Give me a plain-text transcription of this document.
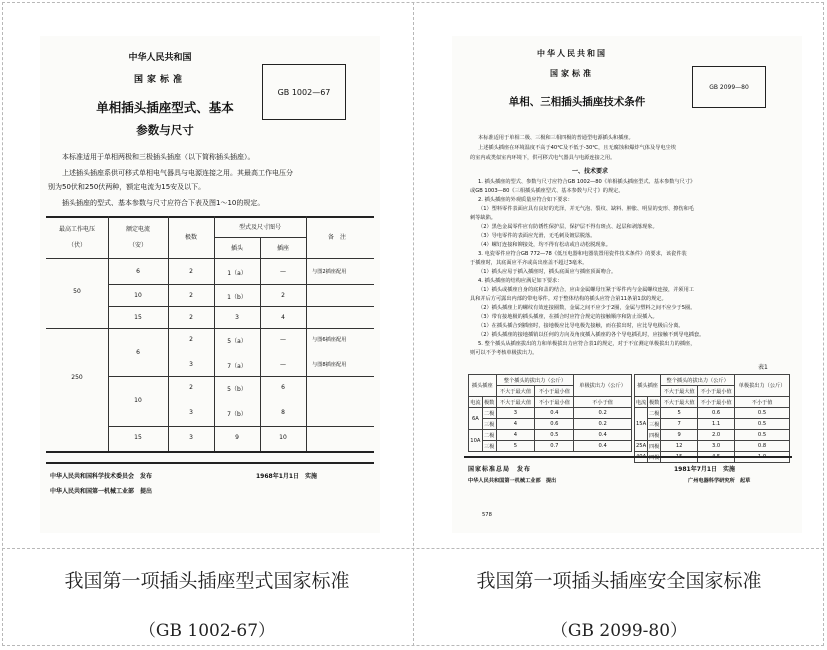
中华人民共和国
国家标准
GB 1002—67
单相插头插座型式、基本
参数与尺寸
本标准适用于单相两极和三极插头插座（以下简称插头插座）。
上述插头插座系供可移式单相电气器具与电源连接之用。其最高工作电压分
别为50伏和250伏两种，额定电流为15安及以下。
插头插座的型式、基本参数与尺寸应符合下表及图1～10的规定。
最高工作电压
（伏）
额定电流
（安）
极数
型式及尺寸图号
插头	插座
备注
50
6	2	1（a）	—	与图2插座配用
10	2	1（b）	2
15	2	3	4
250
6
2	5（a）	—	与图6插座配用
3	7（a）	—	与图8插座配用
10
2	5（b）	6
3	7（b）	8
15	3	9	10
中华人民共和国科学技术委员会　发布	1968年1月1日　实施
中华人民共和国第一机械工业部　提出
中华人民共和国
国家标准
GB 2099—80
单相、三相插头插座技术条件
本标准适用于单相二极、三极和三相四极的普通型电源插头和插座。
上述插头插座在环境温度不高于40℃及不低于-30℃，且无腐蚀和爆炸气体及导电尘埃
的室内或类似室内环境下，供可移式电气器具与电源连接之用。
一、技术要求
1. 插头插座的型式、参数与尺寸应符合GB 1002—80《单相插头插座型式、基本参数与尺寸》
或GB 1003—80《三相插头插座型式、基本参数与尺寸》的规定。
2. 插头插座的外观质量应符合如下要求：
（1）塑料零件表面应具有良好的光泽，并无气泡、裂纹、缺料、肿胀、明显的变形、擦伤和毛
刺等缺陷。
（2）黑色金属零件应有防锈性保护层，保护层不得有斑点、起层和剥落现象。
（3）导电零件的表面应光滑，无毛刺及镀层脱落。
（4）螺钉连接和铆接处，均不得有松动或自动松脱现象。
3. 电瓷零件应符合GB 772—78《低压电器和电器装置用瓷件技术条件》的要求，该瓷件装
于插座时，其底面应平齐或高出座盖不超过3毫米。
（1）插头应易于插入插座时，插头底面应与插座顶面吻合。
4. 插头插座的结构应满足如下要求：
（1）插头或插座自身的底和盖的结合，应由金属螺母压紧于零件内与金属螺纹连接，并须用工
具和并后方可露出内部的带电零件。对于整体结构的插头应符合第11条第1款的规定。
（2）插头插座上的螺纹有效连接圈数，金属之间不应少于2圈，金属与塑料之间不应少于5圈。
（3）带有接地极的插头插座，在插合时应符合规定的接触顺序和防止误插入。
（1）在插头插合到插座时，接地极应比导电极先接触，而在拔出时，应比导电极后分离。
（2）插头插座的接地插销以任何的方向及角度插入插座的各个导电插孔时，应接触不到导电插套。
5. 整个插头从插座拔出的力和单极拔出力应符合表1的规定，对于不宜测定单极拔出力的插座，
则可以不予考核单极拔出力。
表1
插头插座		整个插头的拔出力（公斤）		单极拔出力（公斤）
		不大于最大值	不小于最小值	
电流	极数	不大于最大值	不小于最小值	不小于值
6A	二极	3	0.4	0.2
	三极	4	0.6	0.2
10A	二极	4	0.5	0.4
	三极	5	0.7	0.4
插头插座		整个插头的拔出力（公斤）		单极拔出力（公斤）
		不大于最大值	不小于最小值	
电流	极数	不大于最大值	不小于最小值	不小于值
15A	二极	5	0.6	0.5
	三极	7	1.1	0.5
	四极	9	2.0	0.5
25A	四极	12	3.0	0.8
40A	四极	15	4.5	1.0
国家标准总局　发布	1981年7月1日　实施
中华人民共和国第一机械工业部　提出	广州电器科学研究所　起草
578
我国第一项插头插座型式国家标准
（GB 1002-67）
我国第一项插头插座安全国家标准
（GB 2099-80）
